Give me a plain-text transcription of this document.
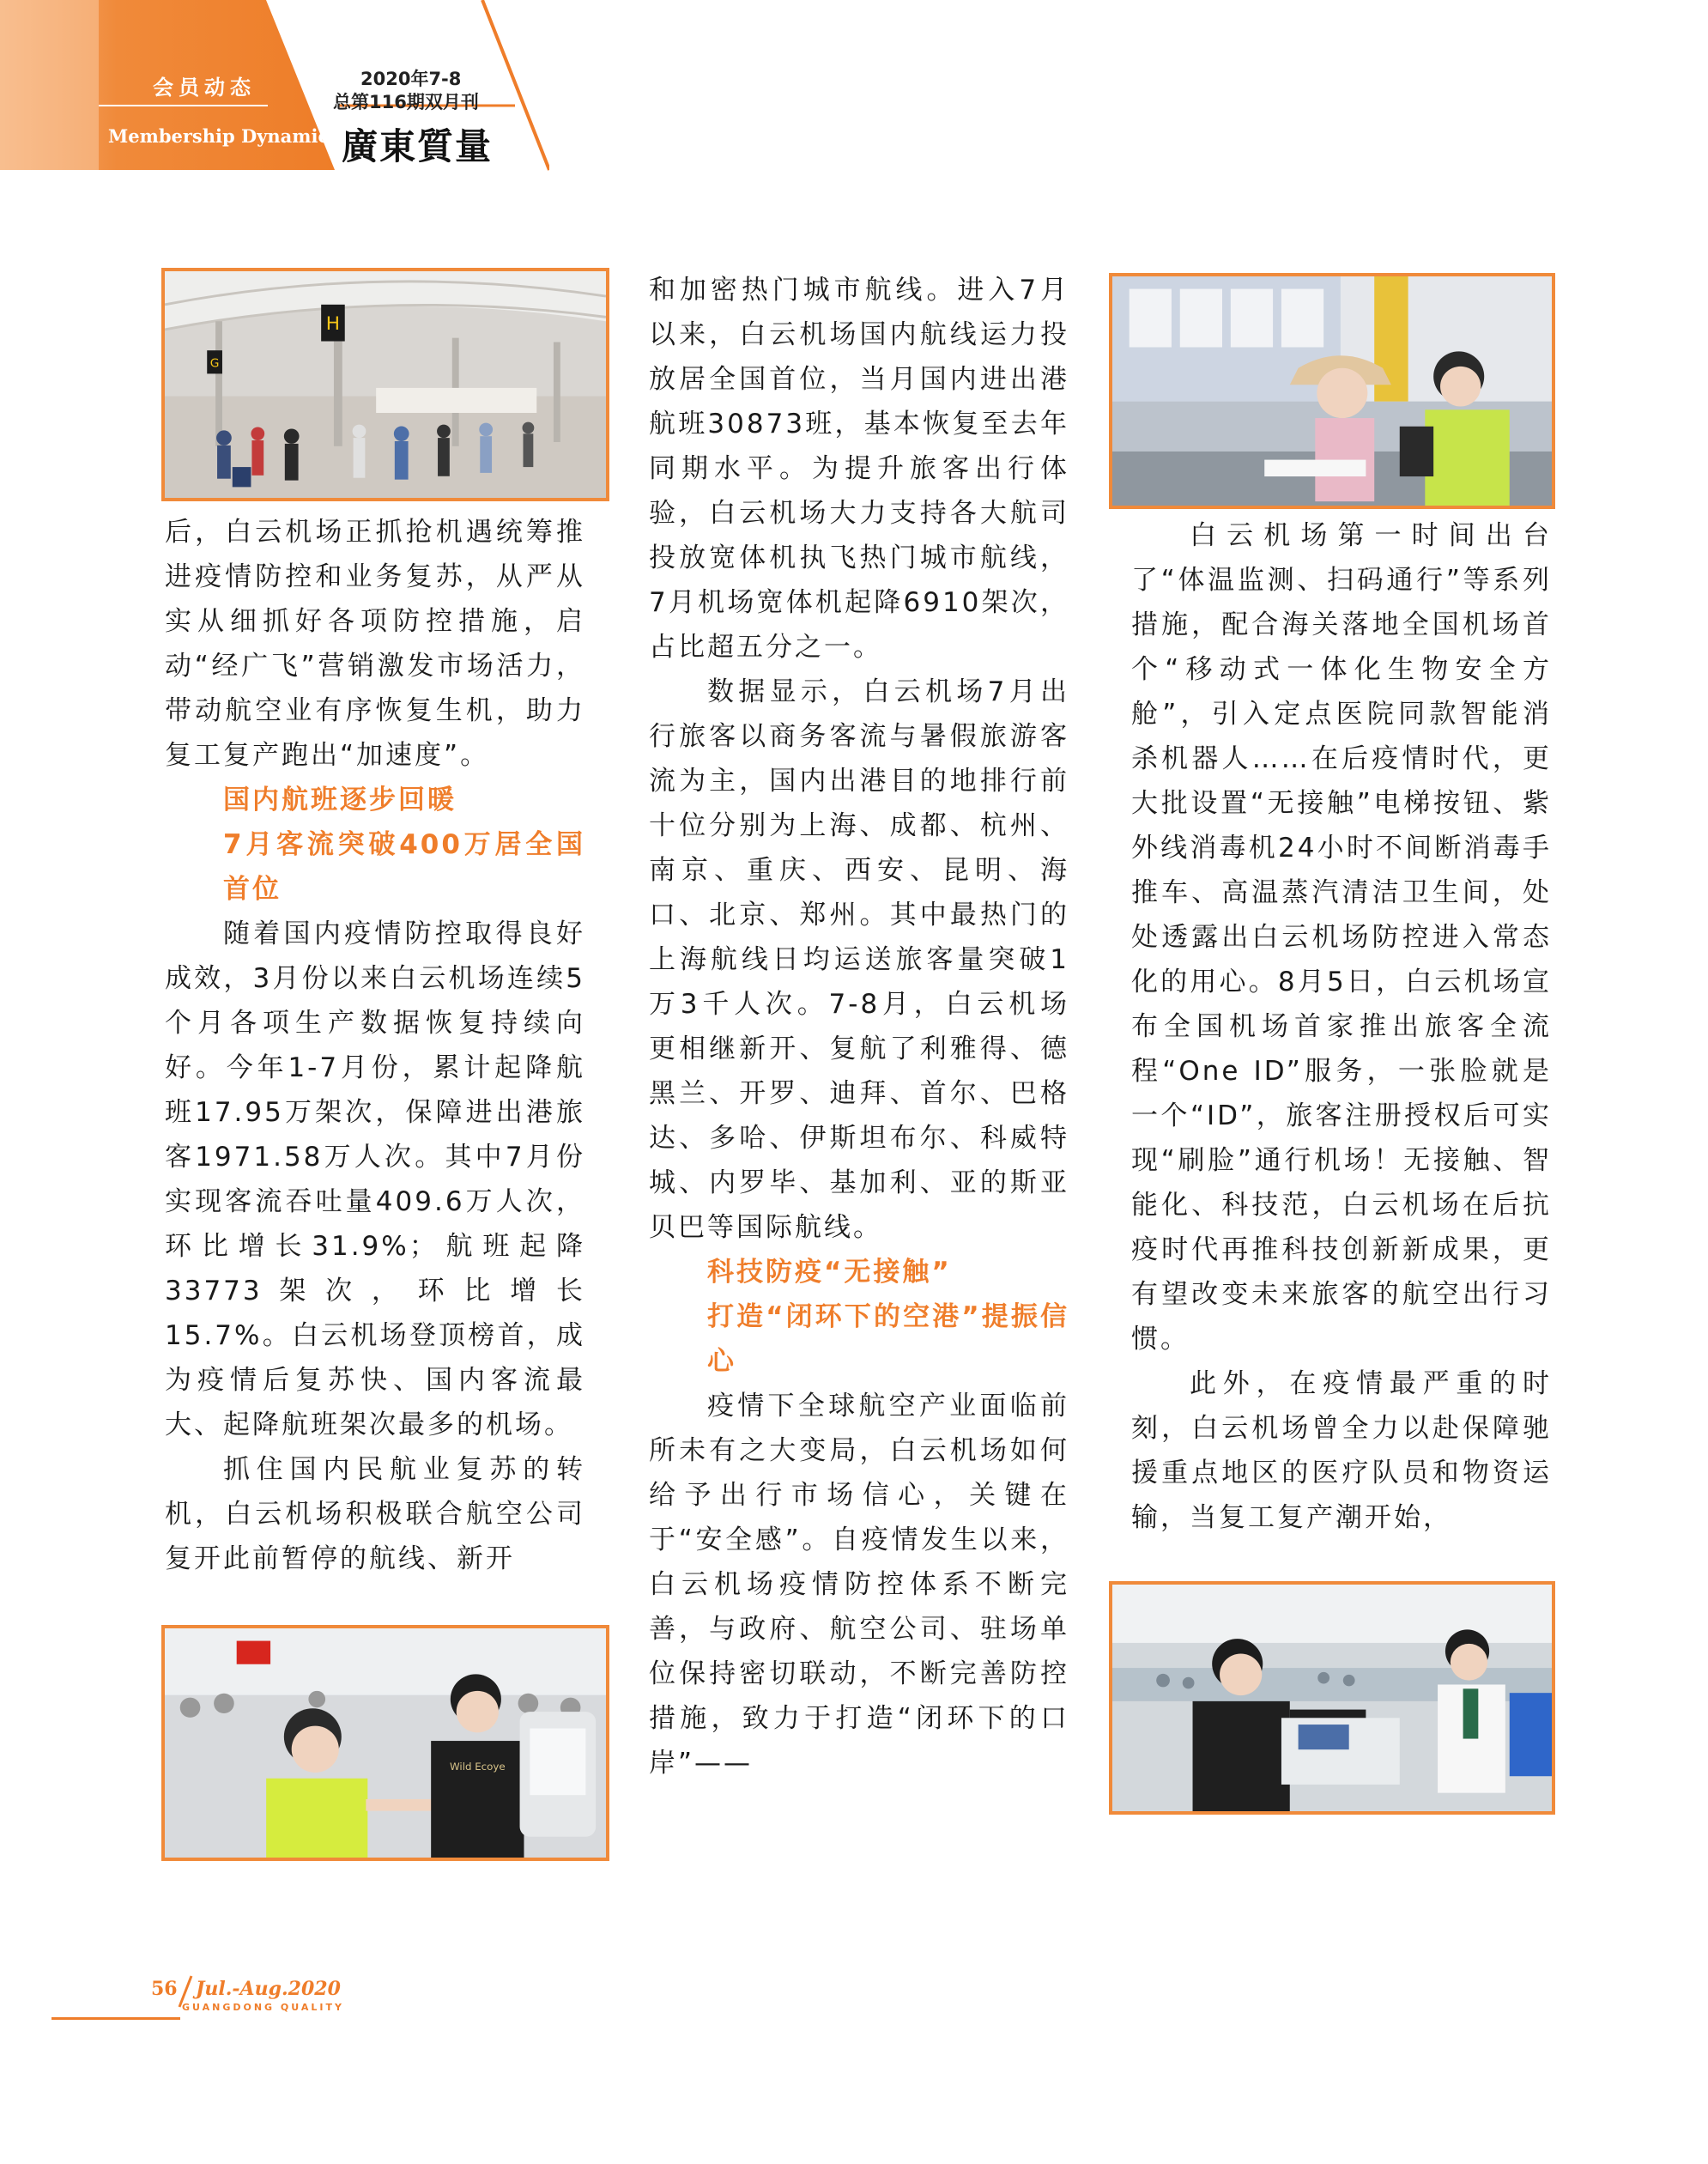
会员动态
Membership Dynamics
2020年7-8
总第116期双月刊
廣東質量
H
G
Wild Ecoye

后，白云机场正抓抢机遇统筹推进疫情防控和业务复苏，从严从实从细抓好各项防控措施，启动“经广飞”营销激发市场活力，带动航空业有序恢复生机，助力复工复产跑出“加速度”。

国内航班逐步回暖

7月客流突破400万居全国首位

随着国内疫情防控取得良好成效，3月份以来白云机场连续5个月各项生产数据恢复持续向好。今年1-7月份，累计起降航班17.95万架次，保障进出港旅客1971.58万人次。其中7月份实现客流吞吐量409.6万人次，环比增长31.9%；航班起降33773架次，环比增长15.7%。白云机场登顶榜首，成为疫情后复苏快、国内客流最大、起降航班架次最多的机场。

抓住国内民航业复苏的转机，白云机场积极联合航空公司复开此前暂停的航线、新开

和加密热门城市航线。进入7月以来，白云机场国内航线运力投放居全国首位，当月国内进出港航班30873班，基本恢复至去年同期水平。为提升旅客出行体验，白云机场大力支持各大航司投放宽体机执飞热门城市航线，7月机场宽体机起降6910架次，占比超五分之一。

数据显示，白云机场7月出行旅客以商务客流与暑假旅游客流为主，国内出港目的地排行前十位分别为上海、成都、杭州、南京、重庆、西安、昆明、海口、北京、郑州。其中最热门的上海航线日均运送旅客量突破1万3千人次。7-8月，白云机场更相继新开、复航了利雅得、德黑兰、开罗、迪拜、首尔、巴格达、多哈、伊斯坦布尔、科威特城、内罗毕、基加利、亚的斯亚贝巴等国际航线。

科技防疫“无接触”

打造“闭环下的空港”提振信心

疫情下全球航空产业面临前所未有之大变局，白云机场如何给予出行市场信心，关键在于“安全感”。自疫情发生以来，白云机场疫情防控体系不断完善，与政府、航空公司、驻场单位保持密切联动，不断完善防控措施，致力于打造“闭环下的口岸”——

白云机场第一时间出台了“体温监测、扫码通行”等系列措施，配合海关落地全国机场首个“移动式一体化生物安全方舱”，引入定点医院同款智能消杀机器人……在后疫情时代，更大批设置“无接触”电梯按钮、紫外线消毒机24小时不间断消毒手推车、高温蒸汽清洁卫生间，处处透露出白云机场防控进入常态化的用心。8月5日，白云机场宣布全国机场首家推出旅客全流程“One ID”服务，一张脸就是一个“ID”，旅客注册授权后可实现“刷脸”通行机场！无接触、智能化、科技范，白云机场在后抗疫时代再推科技创新新成果，更有望改变未来旅客的航空出行习惯。

此外，在疫情最严重的时刻，白云机场曾全力以赴保障驰援重点地区的医疗队员和物资运输，当复工复产潮开始，

56 Jul.-Aug.2020
GUANGDONG QUALITY
